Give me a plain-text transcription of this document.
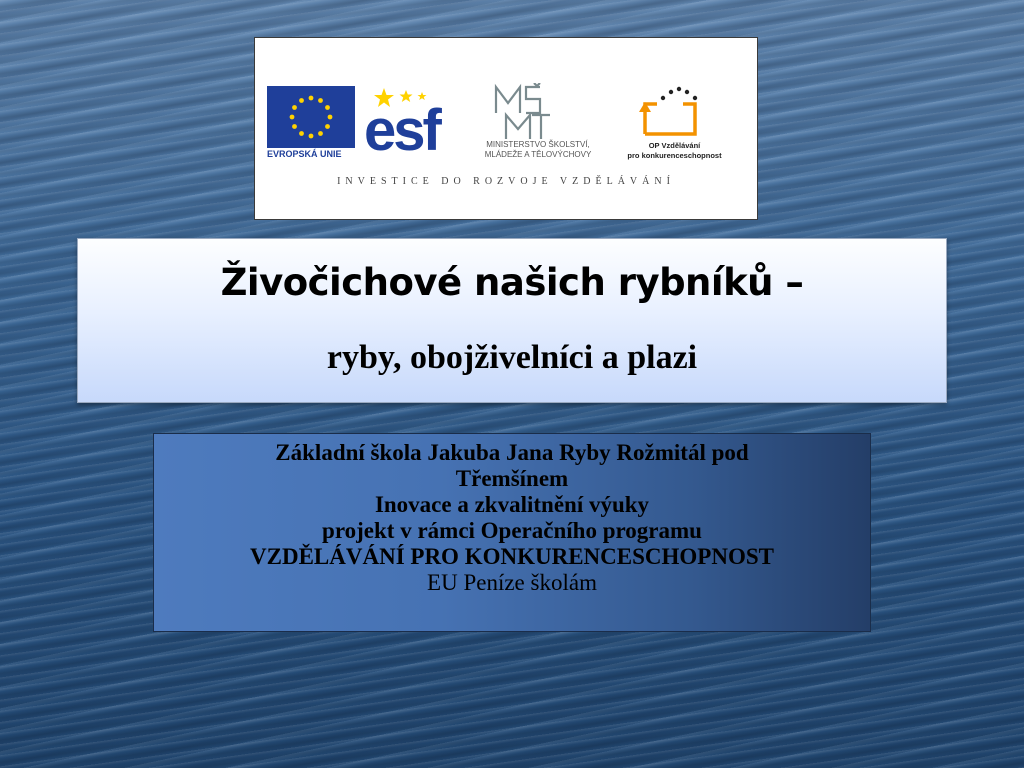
EVROPSKÁ UNIE esf	MINISTERSTVO ŠKOLSTVÍ,
MLÁDEŽE A TĚLOVÝCHOVY
OP Vzdělávání
pro konkurenceschopnost
INVESTICE DO ROZVOJE VZDĚLÁVÁNÍ
Živočichové našich rybníků –
ryby, obojživelníci a plazi

Základní škola Jakuba Jana Ryby Rožmitál pod

Třemšínem

Inovace a zkvalitnění výuky

projekt v rámci Operačního programu

VZDĚLÁVÁNÍ PRO KONKURENCESCHOPNOST

EU Peníze školám
